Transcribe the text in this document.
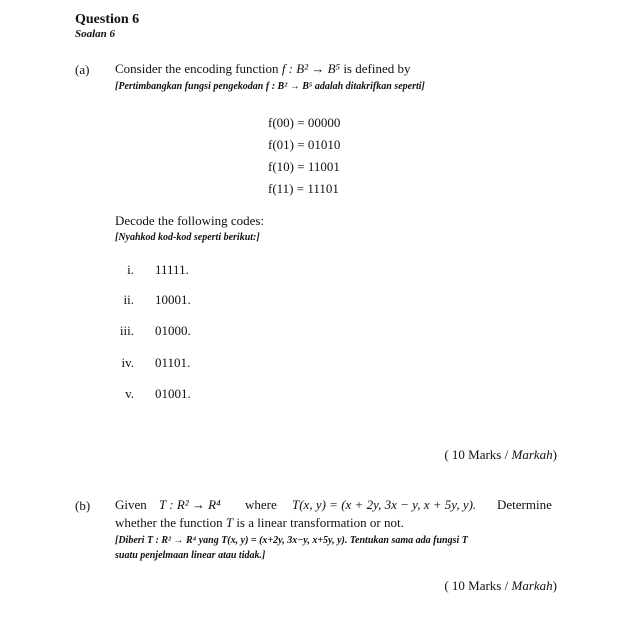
Question 6
Soalan 6
(a) Consider the encoding function f : B² → B⁵ is defined by
[Pertimbangkan fungsi pengekodan f : B² → B⁵ adalah ditakrifkan seperti]
f(00) = 00000
f(01) = 01010
f(10) = 11001
f(11) = 11101
Decode the following codes:
[Nyahkod kod-kod seperti berikut:]
i. 11111.
ii. 10001.
iii. 01000.
iv. 01101.
v. 01001.
( 10 Marks / Markah)
(b) Given T : R² → R⁴ where T(x, y) = (x + 2y, 3x − y, x + 5y, y). Determine
whether the function T is a linear transformation or not.
[Diberi T : R² → R⁴ yang T(x, y) = (x+2y, 3x−y, x+5y, y). Tentukan sama ada fungsi T
suatu penjelmaan linear atau tidak.]
( 10 Marks / Markah)
